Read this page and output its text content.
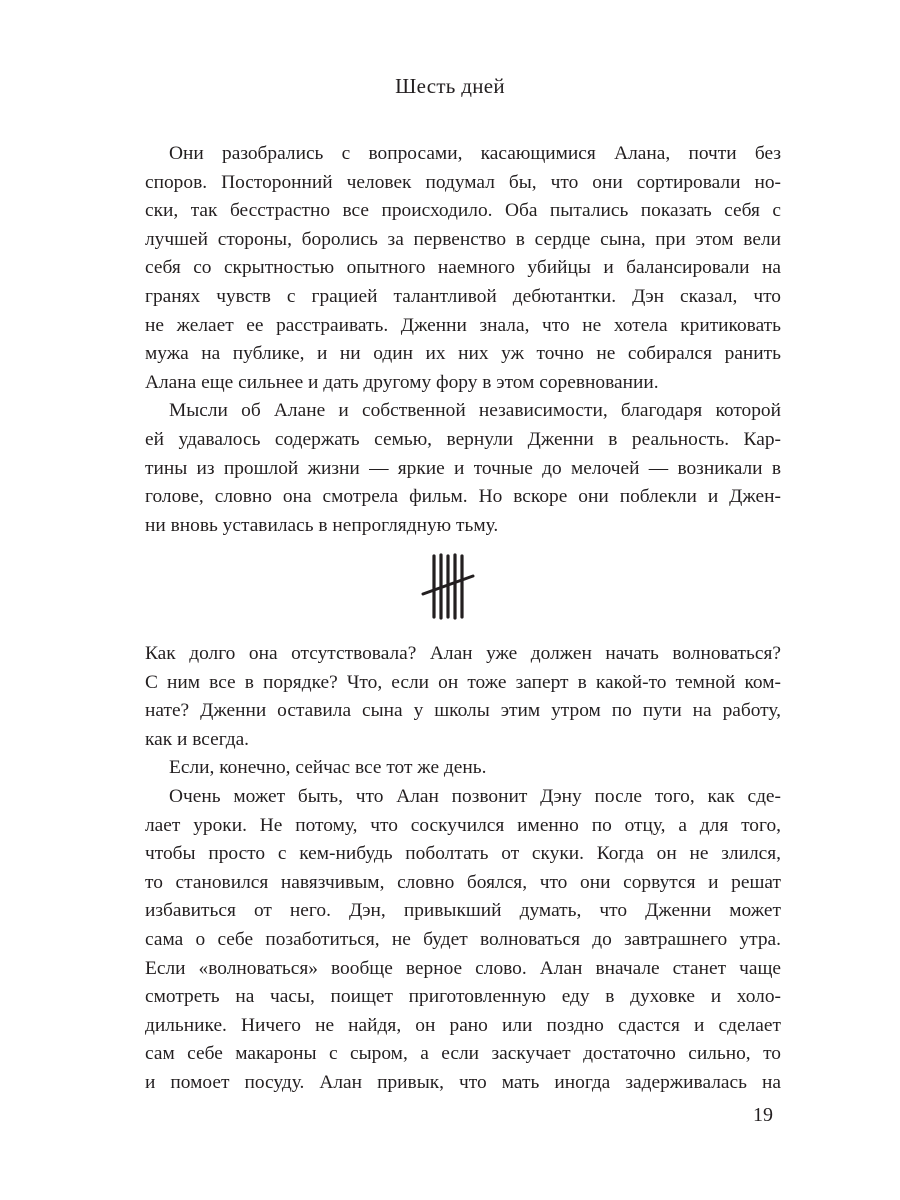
Шесть дней
Они разобрались с вопросами, касающимися Алана, почти без
споров. Посторонний человек подумал бы, что они сортировали но-
ски, так бесстрастно все происходило. Оба пытались показать себя с
лучшей стороны, боролись за первенство в сердце сына, при этом вели
себя со скрытностью опытного наемного убийцы и балансировали на
гранях чувств с грацией талантливой дебютантки. Дэн сказал, что
не желает ее расстраивать. Дженни знала, что не хотела критиковать
мужа на публике, и ни один их них уж точно не собирался ранить
Алана еще сильнее и дать другому фору в этом соревновании.
Мысли об Алане и собственной независимости, благодаря которой
ей удавалось содержать семью, вернули Дженни в реальность. Кар-
тины из прошлой жизни — яркие и точные до мелочей — возникали в
голове, словно она смотрела фильм. Но вскоре они поблекли и Джен-
ни вновь уставилась в непроглядную тьму.
Как долго она отсутствовала? Алан уже должен начать волноваться?
С ним все в порядке? Что, если он тоже заперт в какой-то темной ком-
нате? Дженни оставила сына у школы этим утром по пути на работу,
как и всегда.
Если, конечно, сейчас все тот же день.
Очень может быть, что Алан позвонит Дэну после того, как сде-
лает уроки. Не потому, что соскучился именно по отцу, а для того,
чтобы просто с кем-нибудь поболтать от скуки. Когда он не злился,
то становился навязчивым, словно боялся, что они сорвутся и решат
избавиться от него. Дэн, привыкший думать, что Дженни может
сама о себе позаботиться, не будет волноваться до завтрашнего утра.
Если «волноваться» вообще верное слово. Алан вначале станет чаще
смотреть на часы, поищет приготовленную еду в духовке и холо-
дильнике. Ничего не найдя, он рано или поздно сдастся и сделает
сам себе макароны с сыром, а если заскучает достаточно сильно, то
и помоет посуду. Алан привык, что мать иногда задерживалась на
19
